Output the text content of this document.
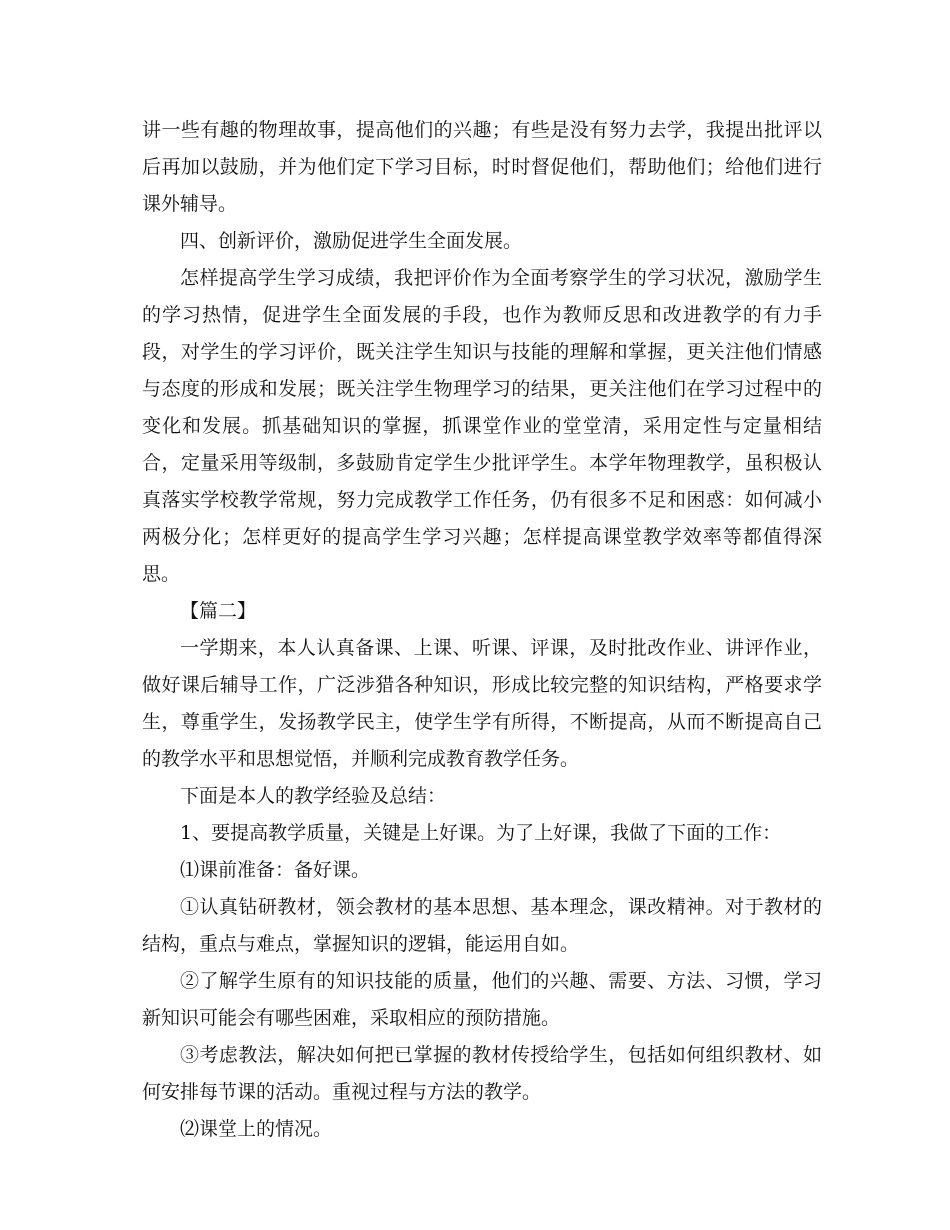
讲一些有趣的物理故事，提高他们的兴趣；有些是没有努力去学，我提出批评以后再加以鼓励，并为他们定下学习目标，时时督促他们，帮助他们；给他们进行课外辅导。

四、创新评价，激励促进学生全面发展。

怎样提高学生学习成绩，我把评价作为全面考察学生的学习状况，激励学生的学习热情，促进学生全面发展的手段，也作为教师反思和改进教学的有力手段，对学生的学习评价，既关注学生知识与技能的理解和掌握，更关注他们情感与态度的形成和发展；既关注学生物理学习的结果，更关注他们在学习过程中的变化和发展。抓基础知识的掌握，抓课堂作业的堂堂清，采用定性与定量相结合，定量采用等级制，多鼓励肯定学生少批评学生。本学年物理教学，虽积极认真落实学校教学常规，努力完成教学工作任务，仍有很多不足和困惑：如何减小两极分化；怎样更好的提高学生学习兴趣；怎样提高课堂教学效率等都值得深思。

【篇二】

一学期来，本人认真备课、上课、听课、评课，及时批改作业、讲评作业，做好课后辅导工作，广泛涉猎各种知识，形成比较完整的知识结构，严格要求学生，尊重学生，发扬教学民主，使学生学有所得，不断提高，从而不断提高自己的教学水平和思想觉悟，并顺利完成教育教学任务。

下面是本人的教学经验及总结：

1、要提高教学质量，关键是上好课。为了上好课，我做了下面的工作：

⑴课前准备：备好课。

①认真钻研教材，领会教材的基本思想、基本理念，课改精神。对于教材的结构，重点与难点，掌握知识的逻辑，能运用自如。

②了解学生原有的知识技能的质量，他们的兴趣、需要、方法、习惯，学习新知识可能会有哪些困难，采取相应的预防措施。

③考虑教法，解决如何把已掌握的教材传授给学生，包括如何组织教材、如何安排每节课的活动。重视过程与方法的教学。

⑵课堂上的情况。
